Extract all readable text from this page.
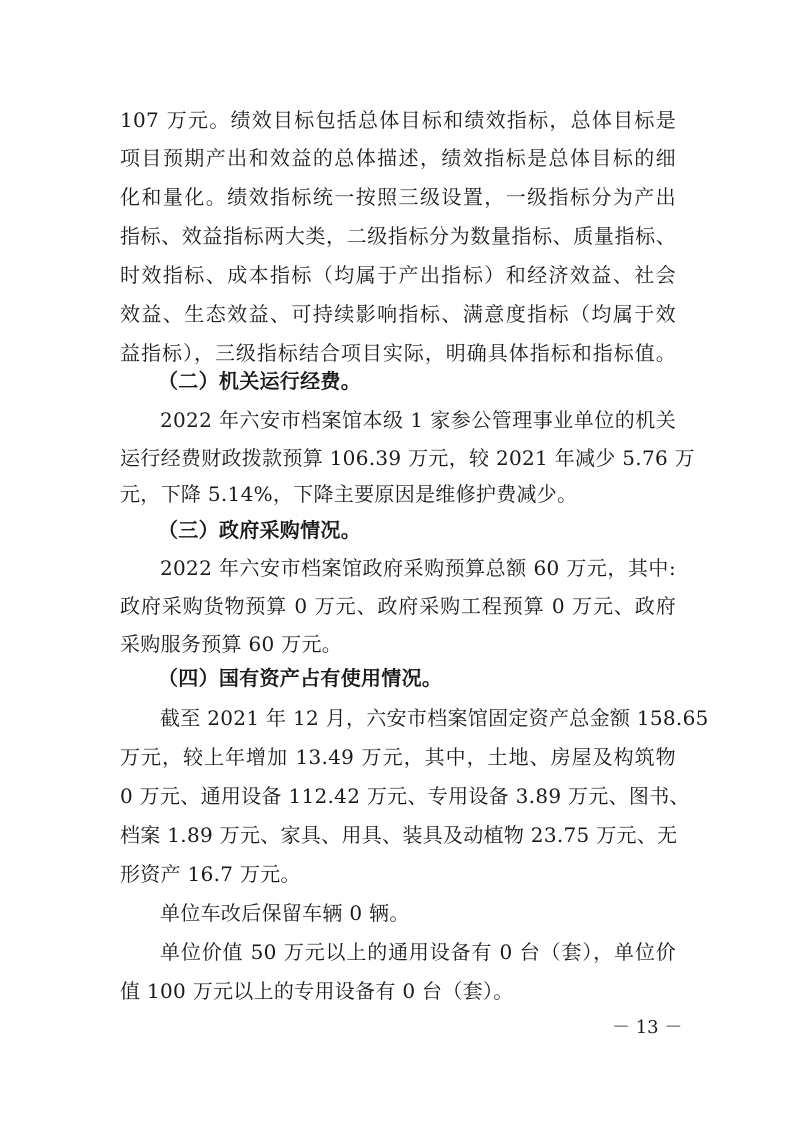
107 万元。绩效目标包括总体目标和绩效指标，总体目标是
项目预期产出和效益的总体描述，绩效指标是总体目标的细
化和量化。绩效指标统一按照三级设置，一级指标分为产出
指标、效益指标两大类，二级指标分为数量指标、质量指标、
时效指标、成本指标（均属于产出指标）和经济效益、社会
效益、生态效益、可持续影响指标、满意度指标（均属于效
益指标），三级指标结合项目实际，明确具体指标和指标值。
（二）机关运行经费。
2022 年六安市档案馆本级 1 家参公管理事业单位的机关
运行经费财政拨款预算 106.39 万元，较 2021 年减少 5.76 万
元，下降 5.14%，下降主要原因是维修护费减少。
（三）政府采购情况。
2022 年六安市档案馆政府采购预算总额 60 万元，其中:
政府采购货物预算 0 万元、政府采购工程预算 0 万元、政府
采购服务预算 60 万元。
（四）国有资产占有使用情况。
截至 2021 年 12 月，六安市档案馆固定资产总金额 158.65
万元，较上年增加 13.49 万元，其中，土地、房屋及构筑物
0 万元、通用设备 112.42 万元、专用设备 3.89 万元、图书、
档案 1.89 万元、家具、用具、装具及动植物 23.75 万元、无
形资产 16.7 万元。
单位车改后保留车辆 0 辆。
单位价值 50 万元以上的通用设备有 0 台（套），单位价
值 100 万元以上的专用设备有 0 台（套）。
－ 13 －
